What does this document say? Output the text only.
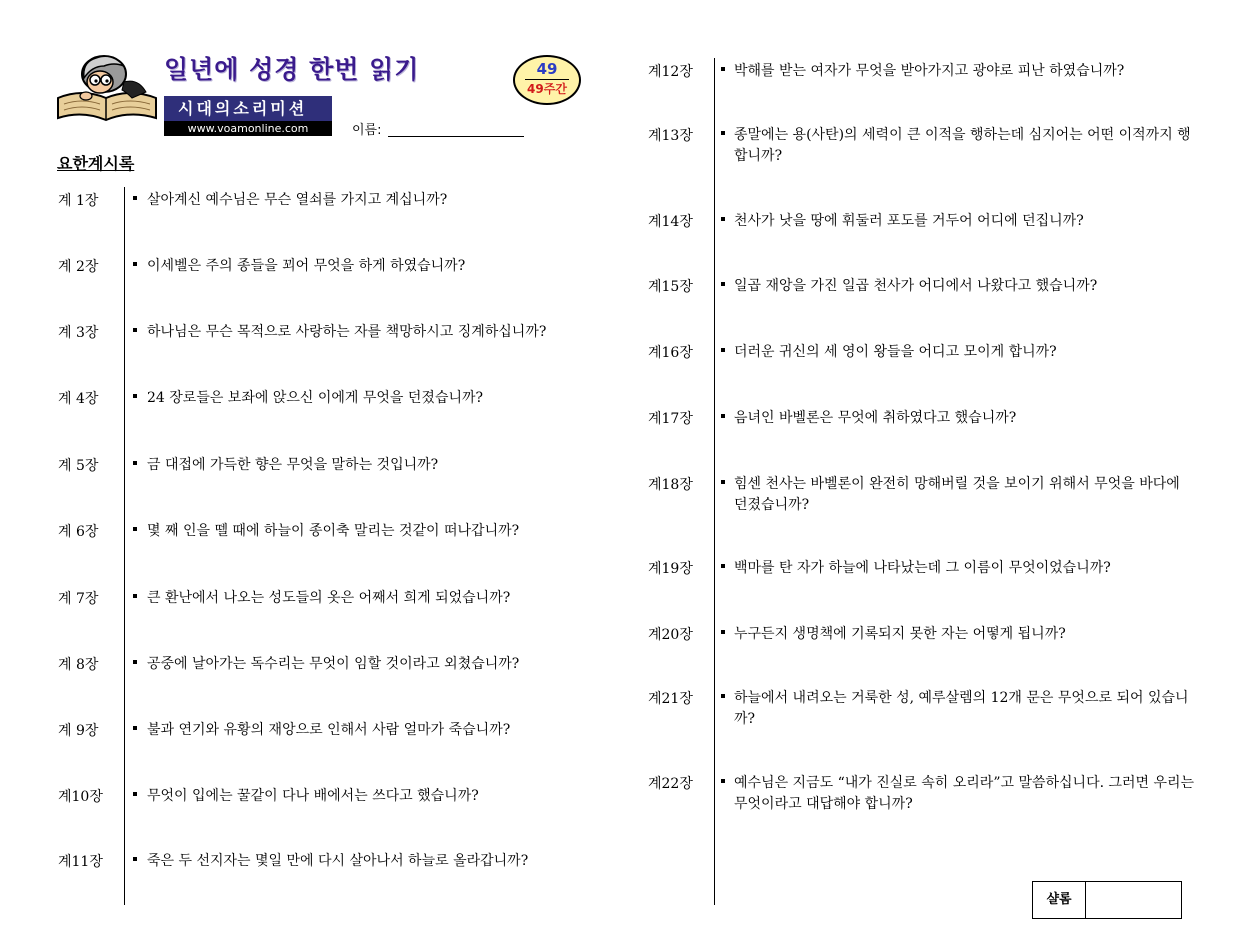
일년에 성경 한번 읽기	49
49주간
시대의소리미션
www.voamonline.com	이름:
요한계시록
계 1장	살아계신 예수님은 무슨 열쇠를 가지고 계십니까?
계 2장	이세벨은 주의 종들을 꾀어 무엇을 하게 하였습니까?
계 3장	하나님은 무슨 목적으로 사랑하는 자를 책망하시고 징계하십니까?
계 4장	24 장로들은 보좌에 앉으신 이에게 무엇을 던졌습니까?
계 5장	금 대접에 가득한 향은 무엇을 말하는 것입니까?
계 6장	몇 째 인을 뗄 때에 하늘이 종이축 말리는 것같이 떠나갑니까?
계 7장	큰 환난에서 나오는 성도들의 옷은 어째서 희게 되었습니까?
계 8장	공중에 날아가는 독수리는 무엇이 임할 것이라고 외쳤습니까?
계 9장	불과 연기와 유황의 재앙으로 인해서 사람 얼마가 죽습니까?
계10장	무엇이 입에는 꿀같이 다나 배에서는 쓰다고 했습니까?
계11장	죽은 두 선지자는 몇일 만에 다시 살아나서 하늘로 올라갑니까?
계12장	박해를 받는 여자가 무엇을 받아가지고 광야로 피난 하였습니까?
계13장	종말에는 용(사탄)의 세력이 큰 이적을 행하는데 심지어는 어떤 이적까지 행합니까?
계14장	천사가 낫을 땅에 휘둘러 포도를 거두어 어디에 던집니까?
계15장	일곱 재앙을 가진 일곱 천사가 어디에서 나왔다고 했습니까?
계16장	더러운 귀신의 세 영이 왕들을 어디고 모이게 합니까?
계17장	음녀인 바벨론은 무엇에 취하였다고 했습니까?
계18장	힘센 천사는 바벨론이 완전히 망해버릴 것을 보이기 위해서 무엇을 바다에 던졌습니까?
계19장	백마를 탄 자가 하늘에 나타났는데 그 이름이 무엇이었습니까?
계20장	누구든지 생명책에 기록되지 못한 자는 어떻게 됩니까?
계21장	하늘에서 내려오는 거룩한 성, 예루살렘의 12개 문은 무엇으로 되어 있습니까?
계22장	예수님은 지금도 “내가 진실로 속히 오리라”고 말씀하십니다. 그러면 우리는 무엇이라고 대답해야 합니까?
샬롬
